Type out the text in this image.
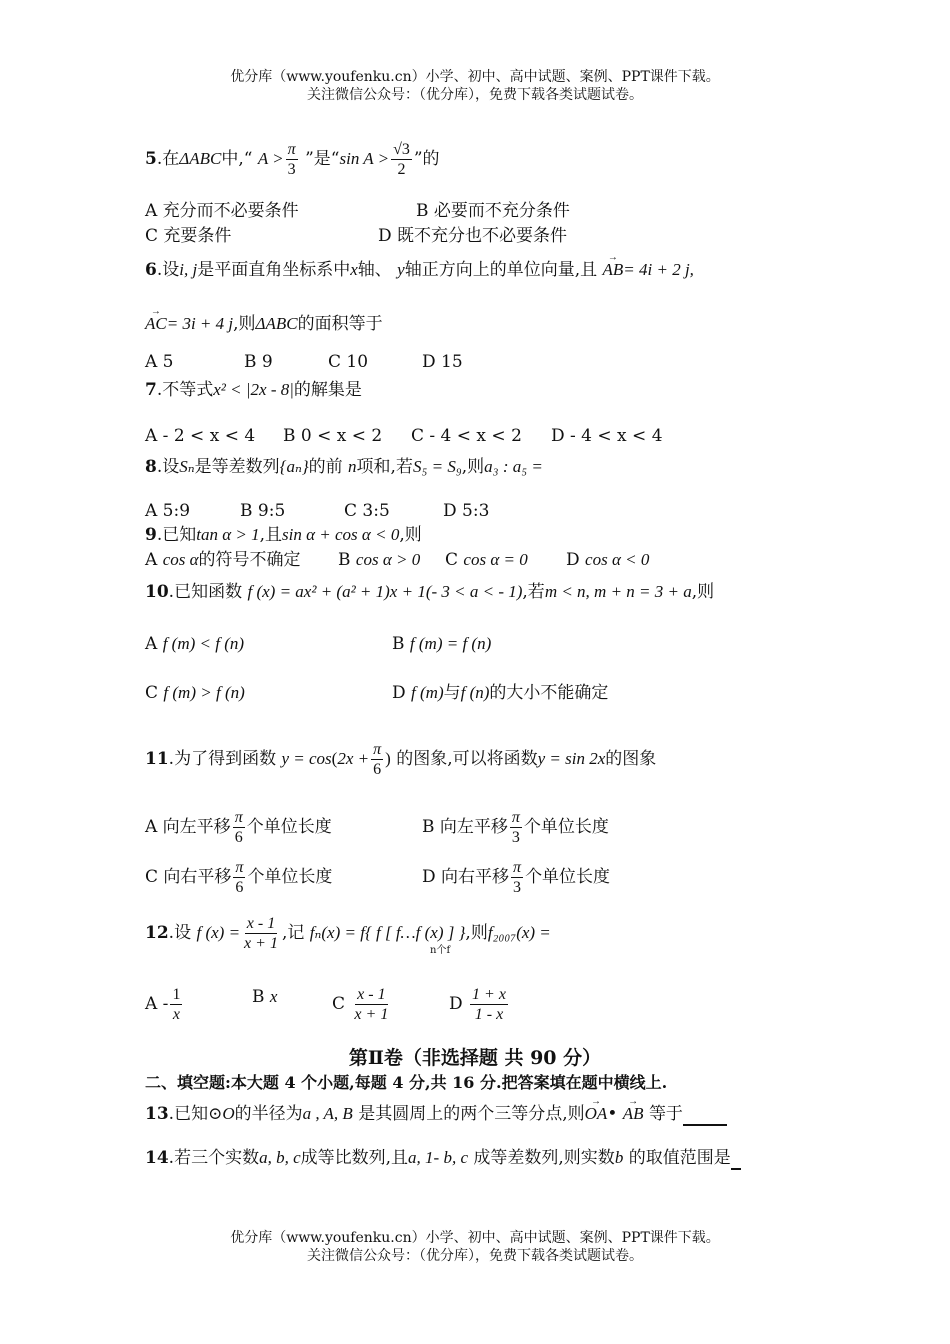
优分库（www.youfenku.cn）小学、初中、高中试题、案例、PPT课件下载。
关注微信公众号：（优分库），免费下载各类试题试卷。
5.在ΔABC中,“ $A > \frac{\pi}{3}$ ”是“sin $A > \frac{√3}{2}$ ”的
A 充分而不必要条件	B 必要而不充分条件
C 充要条件	D 既不充分也不必要条件
6.设i, j是平面直角坐标系中x轴、 y轴正方向上的单位向量,且 → AB= 4i + 2 j,
→ AC= 3i + 4 j,则ΔABC的面积等于
A 5	B 9	C 10	D 15
7.不等式x² < |2x - 8|的解集是
A - 2 < x < 4 B 0 < x < 2 C - 4 < x < 2 D - 4 < x < 4
8.设Sₙ是等差数列{aₙ}的前 n项和,若S₅ = S₉,则a₃ : a₅ =
A 5:9	B 9:5	C 3:5	D 5:3
9.已知tan α > 1,且sin α + cos α < 0,则
A cos α的符号不确定 B cos α > 0 C cos α = 0 D cos α < 0
10.已知函数 f (x) = ax² + (a² + 1)x + 1(- 3 < a < - 1),若m < n, m + n = 3 + a,则
A f (m) < f (n)	B f (m) = f (n)
C f (m) > f (n)	D f (m)与f (n)的大小不能确定
11.为了得到函数 $y = \cos(2x + \frac{\pi}{6}$ ) 的图象,可以将函数y = sin 2x的图象
A 向左平移 $\frac{\pi}{6}$ 个单位长度	B 向左平移 $\frac{\pi}{3}$ 个单位长度
C 向右平移 $\frac{\pi}{6}$ 个单位长度	D 向右平移 $\frac{\pi}{3}$ 个单位长度
12.设 f $(x) = \frac{x - 1}{x + 1}$ ,记 fₙ(x) = f{ f [ f…f (x) ] },则f₂₀₀₇(x) =
n个f
A - $\frac{1}{x}$	B x	C $\frac{x - 1}{x + 1}$	D $\frac{1 + x}{1 - x}$
第Ⅱ卷（非选择题 共 90 分）
二、填空题:本大题 4 个小题,每题 4 分,共 16 分.把答案填在题中横线上.
13.已知⊙O的半径为a , A, B 是其圆周上的两个三等分点,则→ OA• → AB 等于
14.若三个实数a, b, c成等比数列,且a, 1- b, c 成等差数列,则实数b 的取值范围是
优分库（www.youfenku.cn）小学、初中、高中试题、案例、PPT课件下载。
关注微信公众号：（优分库），免费下载各类试题试卷。
